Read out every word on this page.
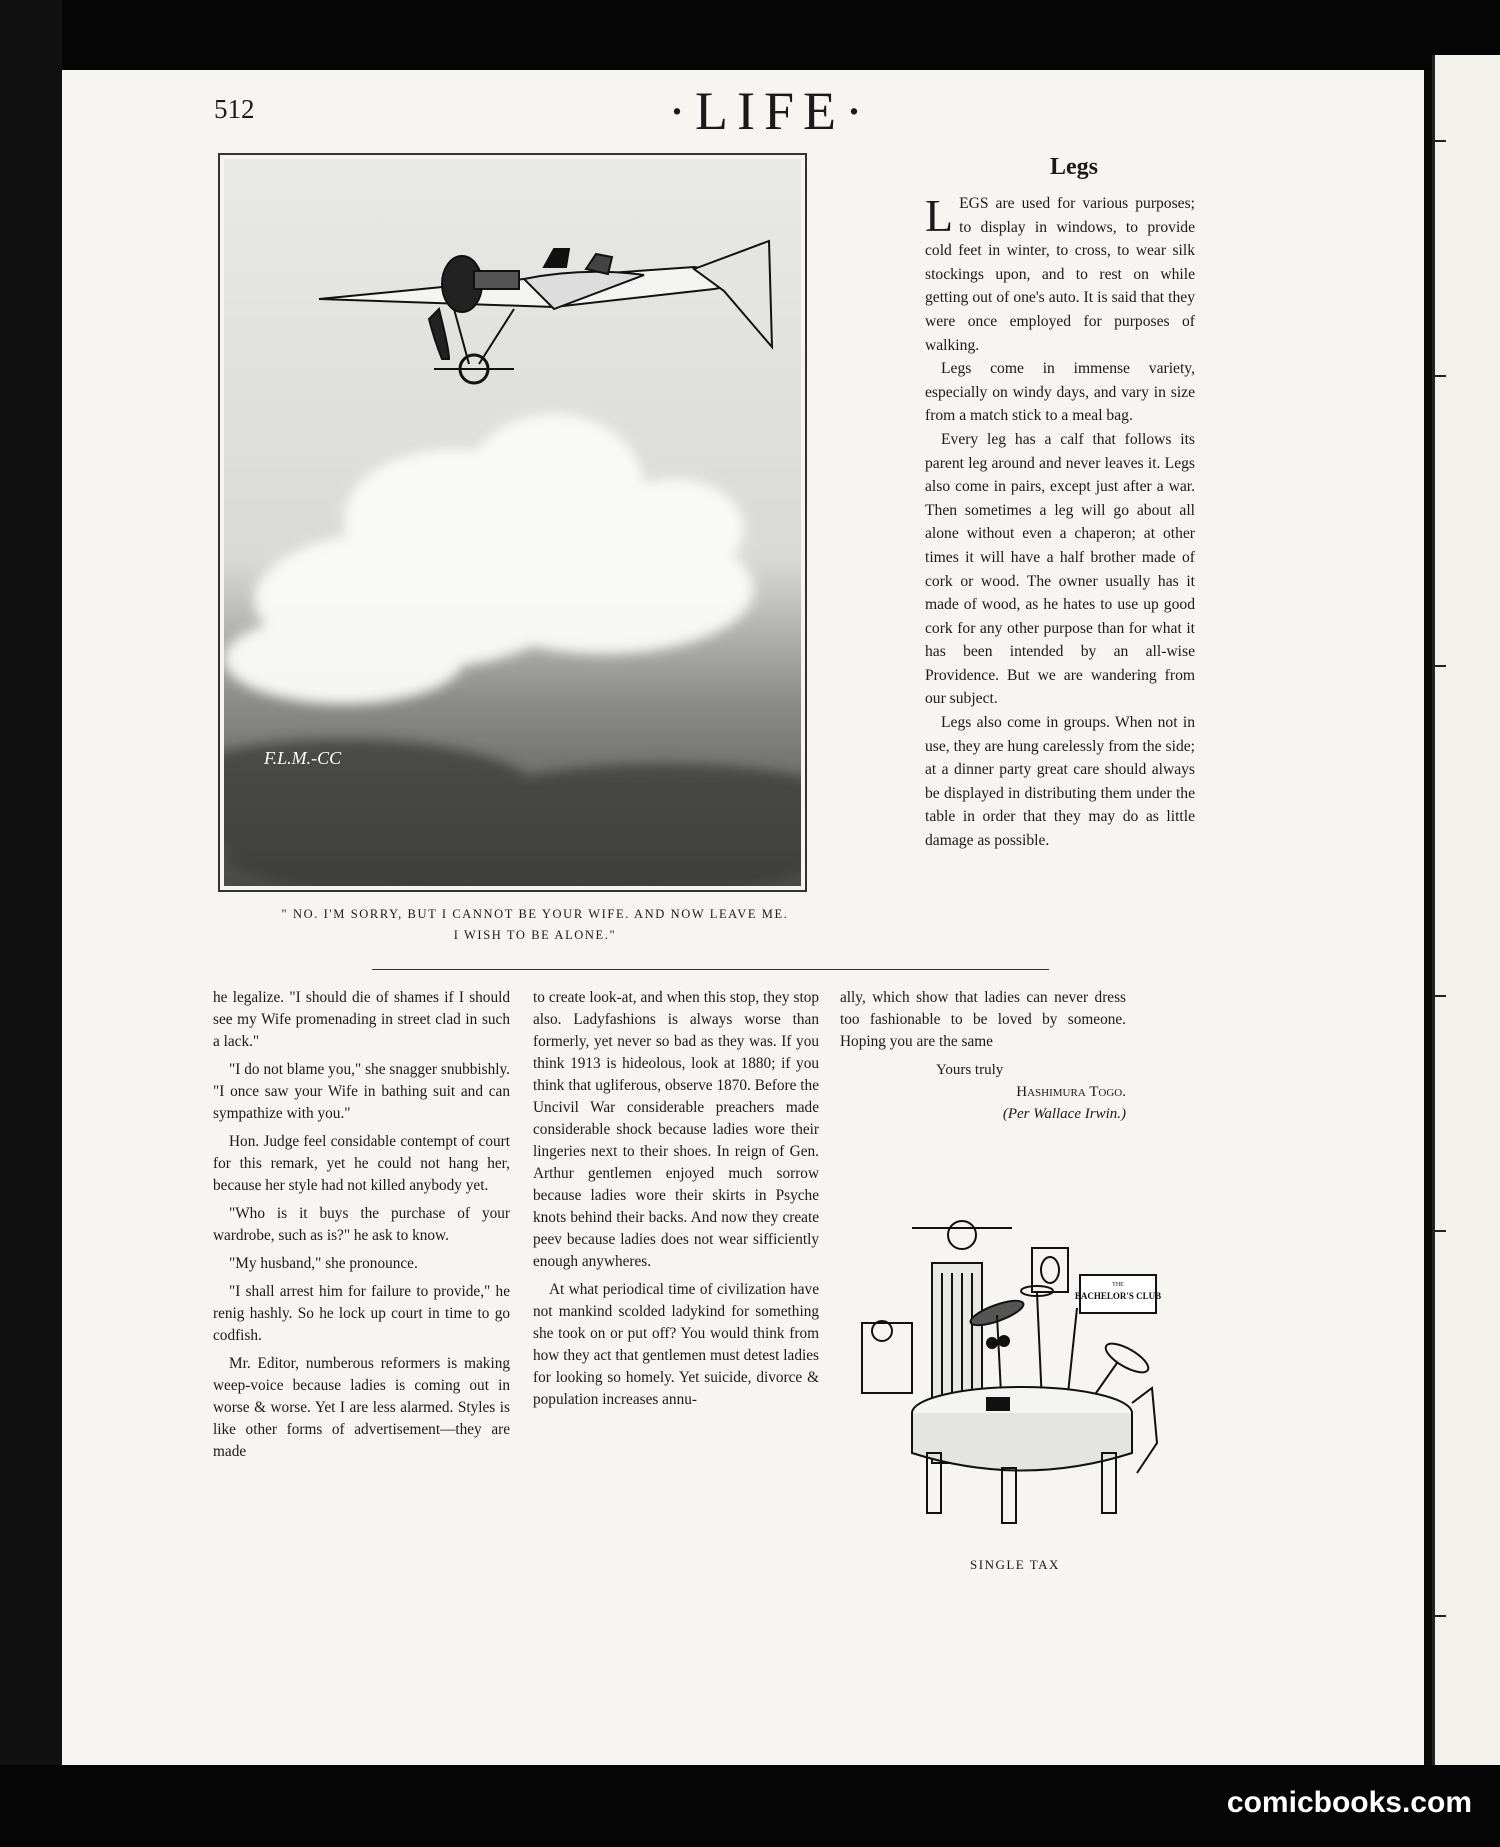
512	·LIFE·
F.L.M.-CC
" NO. I'M SORRY, BUT I CANNOT BE YOUR WIFE. AND NOW LEAVE ME. I WISH TO BE ALONE."
Legs

LEGS are used for various purposes; to display in windows, to provide cold feet in winter, to cross, to wear silk stockings upon, and to rest on while getting out of one's auto. It is said that they were once employed for purposes of walking.

Legs come in immense variety, especially on windy days, and vary in size from a match stick to a meal bag.

Every leg has a calf that follows its parent leg around and never leaves it. Legs also come in pairs, except just after a war. Then sometimes a leg will go about all alone without even a chaperon; at other times it will have a half brother made of cork or wood. The owner usually has it made of wood, as he hates to use up good cork for any other purpose than for what it has been intended by an all-wise Providence. But we are wandering from our subject.

Legs also come in groups. When not in use, they are hung carelessly from the side; at a dinner party great care should always be displayed in distributing them under the table in order that they may do as little damage as possible.

he legalize. "I should die of shames if I should see my Wife promenading in street clad in such a lack."

"I do not blame you," she snagger snubbishly. "I once saw your Wife in bathing suit and can sympathize with you."

Hon. Judge feel considable contempt of court for this remark, yet he could not hang her, because her style had not killed anybody yet.

"Who is it buys the purchase of your wardrobe, such as is?" he ask to know.

"My husband," she pronounce.

"I shall arrest him for failure to provide," he renig hashly. So he lock up court in time to go codfish.

Mr. Editor, numberous reformers is making weep-voice because ladies is coming out in worse & worse. Yet I are less alarmed. Styles is like other forms of advertisement—they are made

to create look-at, and when this stop, they stop also. Ladyfashions is always worse than formerly, yet never so bad as they was. If you think 1913 is hideolous, look at 1880; if you think that ugliferous, observe 1870. Before the Uncivil War considerable preachers made considerable shock because ladies wore their lingeries next to their shoes. In reign of Gen. Arthur gentlemen enjoyed much sorrow because ladies wore their skirts in Psyche knots behind their backs. And now they create peev because ladies does not wear sifficiently enough anywheres.

At what periodical time of civilization have not mankind scolded ladykind for something she took on or put off? You would think from how they act that gentlemen must detest ladies for looking so homely. Yet suicide, divorce & population increases annu-

ally, which show that ladies can never dress too fashionable to be loved by someone. Hoping you are the same

Yours truly
Hashimura Togo.
(Per Wallace Irwin.)
THE
BACHELOR'S CLUB
SINGLE TAX
comicbooks.com
